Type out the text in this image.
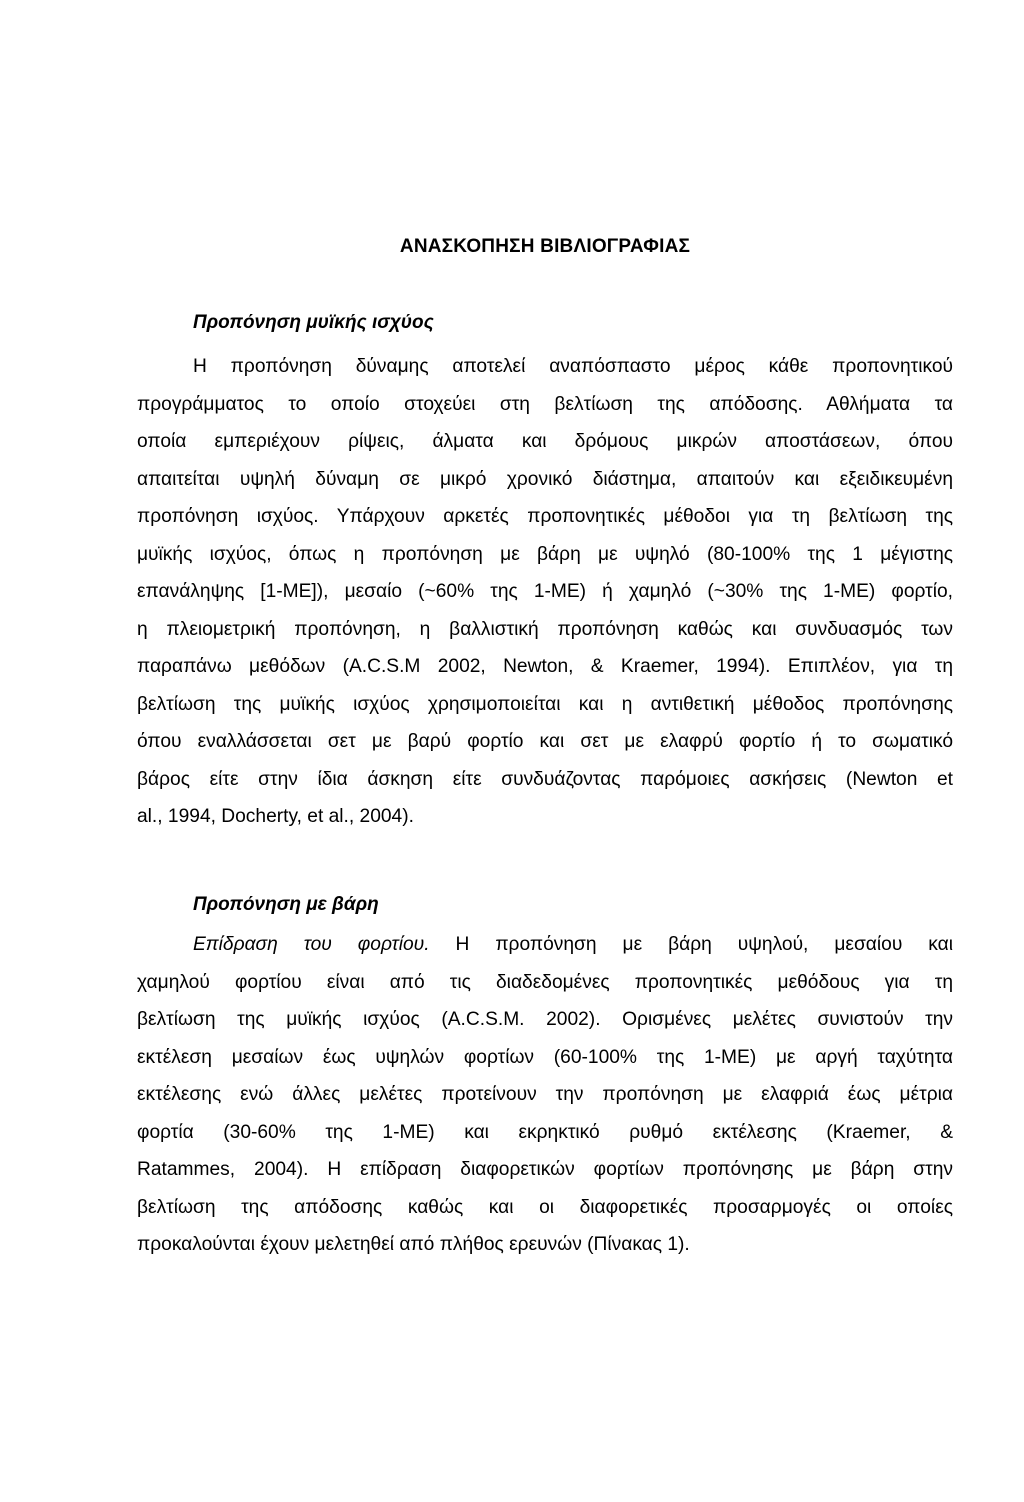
ΑΝΑΣΚΟΠΗΣΗ ΒΙΒΛΙΟΓΡΑΦΙΑΣ
Προπόνηση μυϊκής ισχύος
Η προπόνηση δύναμης αποτελεί αναπόσπαστο μέρος κάθε προπονητικού
προγράμματος το οποίο στοχεύει στη βελτίωση της απόδοσης. Αθλήματα τα
οποία εμπεριέχουν ρίψεις, άλματα και δρόμους μικρών αποστάσεων, όπου
απαιτείται υψηλή δύναμη σε μικρό χρονικό διάστημα, απαιτούν και εξειδικευμένη
προπόνηση ισχύος. Υπάρχουν αρκετές προπονητικές μέθοδοι για τη βελτίωση της
μυϊκής ισχύος, όπως η προπόνηση με βάρη με υψηλό (80-100% της 1 μέγιστης
επανάληψης [1-ΜΕ]), μεσαίο (~60% της 1-ΜΕ) ή χαμηλό (~30% της 1-ΜΕ) φορτίο,
η πλειομετρική προπόνηση, η βαλλιστική προπόνηση καθώς και συνδυασμός των
παραπάνω μεθόδων (A.C.S.M 2002, Newton, & Kraemer, 1994). Επιπλέον, για τη
βελτίωση της μυϊκής ισχύος χρησιμοποιείται και η αντιθετική μέθοδος προπόνησης
όπου εναλλάσσεται σετ με βαρύ φορτίο και σετ με ελαφρύ φορτίο ή το σωματικό
βάρος είτε στην ίδια άσκηση είτε συνδυάζοντας παρόμοιες ασκήσεις (Newton et
al., 1994, Docherty, et al., 2004).
Προπόνηση με βάρη
Επίδραση του φορτίου. Η προπόνηση με βάρη υψηλού, μεσαίου και
χαμηλού φορτίου είναι από τις διαδεδομένες προπονητικές μεθόδους για τη
βελτίωση της μυϊκής ισχύος (A.C.S.M. 2002). Ορισμένες μελέτες συνιστούν την
εκτέλεση μεσαίων έως υψηλών φορτίων (60-100% της 1-ΜΕ) με αργή ταχύτητα
εκτέλεσης ενώ άλλες μελέτες προτείνουν την προπόνηση με ελαφριά έως μέτρια
φορτία (30-60% της 1-ΜΕ) και εκρηκτικό ρυθμό εκτέλεσης (Kraemer, &
Ratammes, 2004). Η επίδραση διαφορετικών φορτίων προπόνησης με βάρη στην
βελτίωση της απόδοσης καθώς και οι διαφορετικές προσαρμογές οι οποίες
προκαλούνται έχουν μελετηθεί από πλήθος ερευνών (Πίνακας 1).
